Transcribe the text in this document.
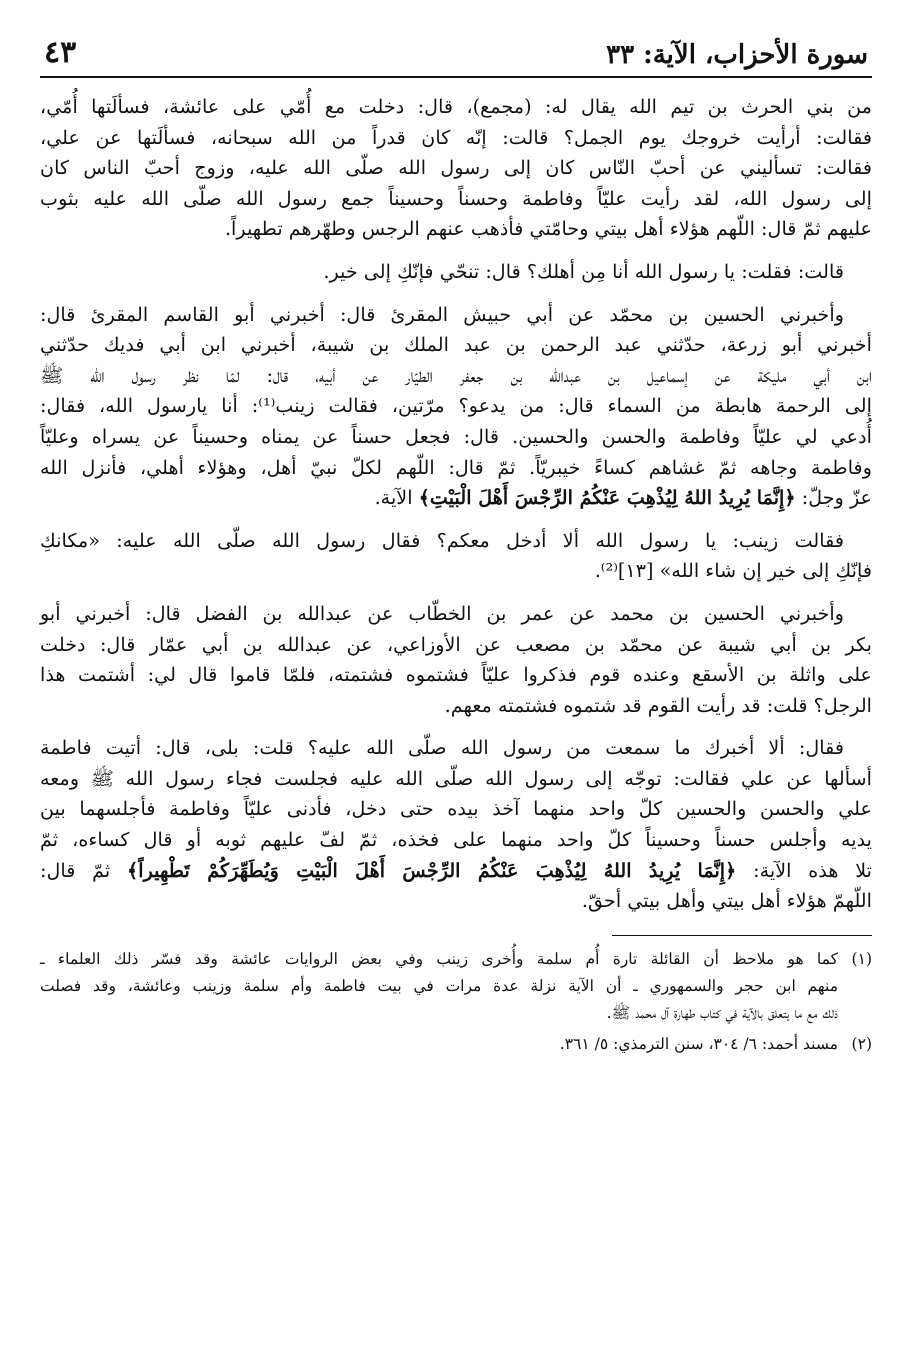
سورة الأحزاب، الآية: ٣٣
٤٣

من بني الحرث بن تيم الله يقال له: (مجمع)، قال: دخلت مع أُمّي على عائشة، فسألَتها أُمّي،
فقالت: أرأيت خروجك يوم الجمل؟ قالت: إنّه كان قدراً من الله سبحانه، فسألَتها عن علي،
فقالت: تسأليني عن أحبّ النّاس كان إلى رسول الله صلّى الله عليه، وزوج أحبّ الناس كان
إلى رسول الله، لقد رأيت عليّاً وفاطمة وحسناً وحسيناً جمع رسول الله صلّى الله عليه بثوب
عليهم ثمّ قال: اللّهم هؤلاء أهل بيتي وحامّتي فأذهب عنهم الرجس وطهّرهم تطهيراً.

قالت: فقلت: يا رسول الله أنا مِن أهلك؟ قال: تنحّي فإنّكِ إلى خير.

وأخبرني الحسين بن محمّد عن أبي حبيش المقرئ قال: أخبرني أبو القاسم المقرئ قال:
أخبرني أبو زرعة، حدّثني عبد الرحمن بن عبد الملك بن شيبة، أخبرني ابن أبي فديك حدّثني
ابن أبي مليكة عن إسماعيل بن عبدالله بن جعفر الطيّار عن أبيه، قال: لمّا نظر رسول الله ﷺ
إلى الرحمة هابطة من السماء قال: من يدعو؟ مرّتين، فقالت زينب⁽¹⁾: أنا يارسول الله، فقال:
أُدعي لي عليّاً وفاطمة والحسن والحسين. قال: فجعل حسناً عن يمناه وحسيناً عن يسراه وعليّاً
وفاطمة وجاهه ثمّ غشاهم كساءً خيبريّاً. ثمّ قال: اللّهم لكلّ نبيّ أهل، وهؤلاء أهلي، فأنزل الله
عزّ وجلّ: ﴿إِنَّمَا يُرِيدُ اللهُ لِيُذْهِبَ عَنْكُمُ الرِّجْسَ أَهْلَ الْبَيْتِ﴾ الآية.

فقالت زينب: يا رسول الله ألا أدخل معكم؟ فقال رسول الله صلّى الله عليه: «مكانكِ
فإنّكِ إلى خير إن شاء الله» [١٣]⁽²⁾.

وأخبرني الحسين بن محمد عن عمر بن الخطّاب عن عبدالله بن الفضل قال: أخبرني أبو
بكر بن أبي شيبة عن محمّد بن مصعب عن الأوزاعي، عن عبدالله بن أبي عمّار قال: دخلت
على واثلة بن الأسقع وعنده قوم فذكروا عليّاً فشتموه فشتمته، فلمّا قاموا قال لي: أشتمت هذا
الرجل؟ قلت: قد رأيت القوم قد شتموه فشتمته معهم.

فقال: ألا أخبرك ما سمعت من رسول الله صلّى الله عليه؟ قلت: بلى، قال: أتيت فاطمة
أسألها عن علي فقالت: توجّه إلى رسول الله صلّى الله عليه فجلست فجاء رسول الله ﷺ ومعه
علي والحسن والحسين كلّ واحد منهما آخذ بيده حتى دخل، فأدنى عليّاً وفاطمة فأجلسهما بين
يديه وأجلس حسناً وحسيناً كلّ واحد منهما على فخذه، ثمّ لفّ عليهم ثوبه أو قال كساءه، ثمّ
تلا هذه الآية: ﴿إِنَّمَا يُرِيدُ اللهُ لِيُذْهِبَ عَنْكُمُ الرِّجْسَ أَهْلَ الْبَيْتِ وَيُطَهِّرَكُمْ تَطْهِيراً﴾ ثمّ قال:
اللّهمّ هؤلاء أهل بيتي وأهل بيتي أحقّ.

(١)كما هو ملاحظ أن القائلة تارة أُم سلمة وأُخرى زينب وفي بعض الروايات عائشة وقد فسّر ذلك العلماء ـ
منهم ابن حجر والسمهوري ـ أن الآية نزلة عدة مرات في بيت فاطمة وأم سلمة وزينب وعائشة، وقد فصلت
ذلك مع ما يتعلق بالآية في كتاب طهارة آل محمد ﷺ.
(٢)مسند أحمد: ٦/ ٣٠٤، سنن الترمذي: ٥/ ٣٦١.
